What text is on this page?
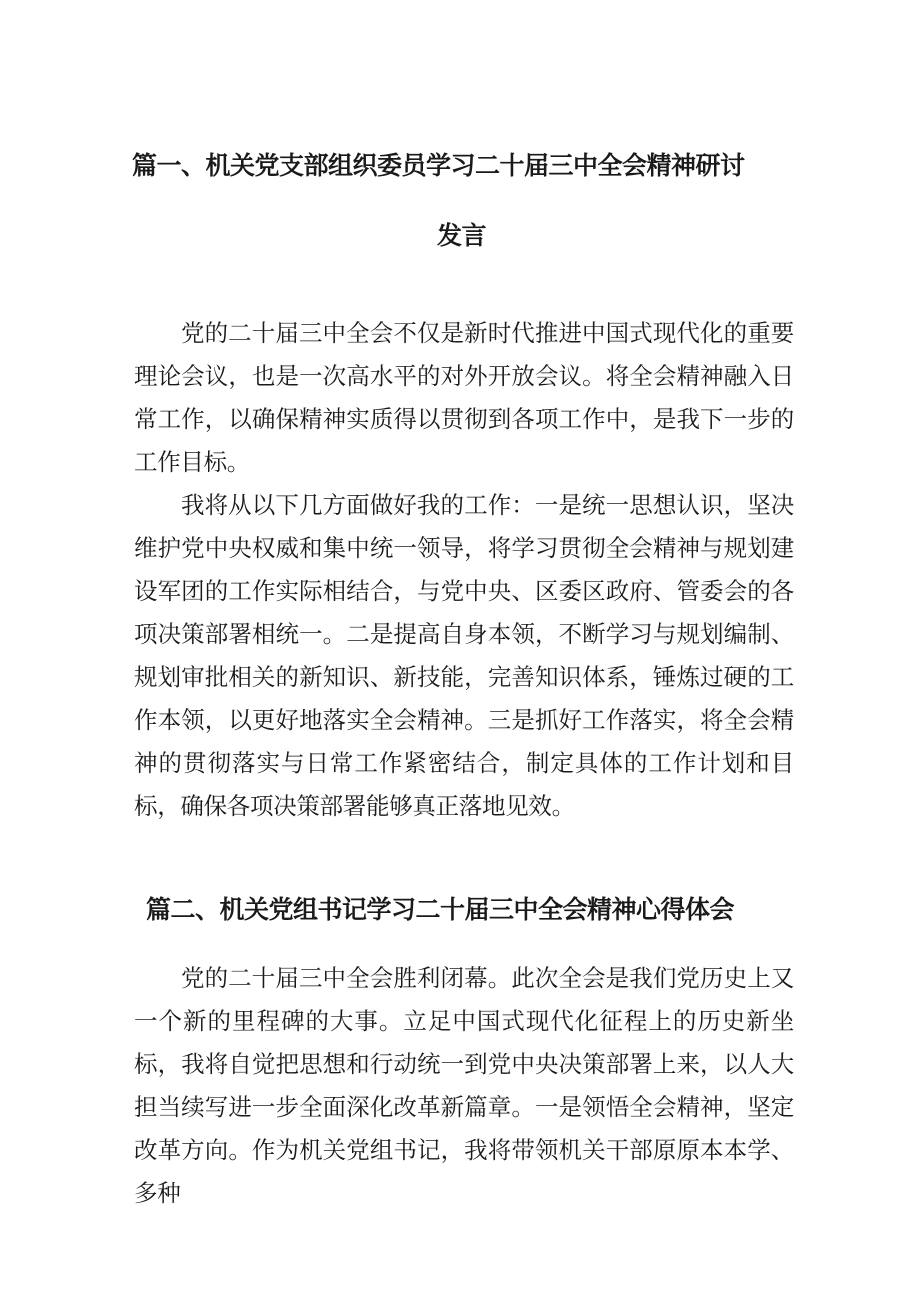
篇一、机关党支部组织委员学习二十届三中全会精神研讨
发言

党的二十届三中全会不仅是新时代推进中国式现代化的重要理论会议，也是一次高水平的对外开放会议。将全会精神融入日常工作，以确保精神实质得以贯彻到各项工作中，是我下一步的工作目标。

我将从以下几方面做好我的工作：一是统一思想认识，坚决维护党中央权威和集中统一领导，将学习贯彻全会精神与规划建设军团的工作实际相结合，与党中央、区委区政府、管委会的各项决策部署相统一。二是提高自身本领，不断学习与规划编制、规划审批相关的新知识、新技能，完善知识体系，锤炼过硬的工作本领，以更好地落实全会精神。三是抓好工作落实，将全会精神的贯彻落实与日常工作紧密结合，制定具体的工作计划和目标，确保各项决策部署能够真正落地见效。

篇二、机关党组书记学习二十届三中全会精神心得体会

党的二十届三中全会胜利闭幕。此次全会是我们党历史上又一个新的里程碑的大事。立足中国式现代化征程上的历史新坐标，我将自觉把思想和行动统一到党中央决策部署上来，以人大担当续写进一步全面深化改革新篇章。一是领悟全会精神，坚定改革方向。作为机关党组书记，我将带领机关干部原原本本学、多种
